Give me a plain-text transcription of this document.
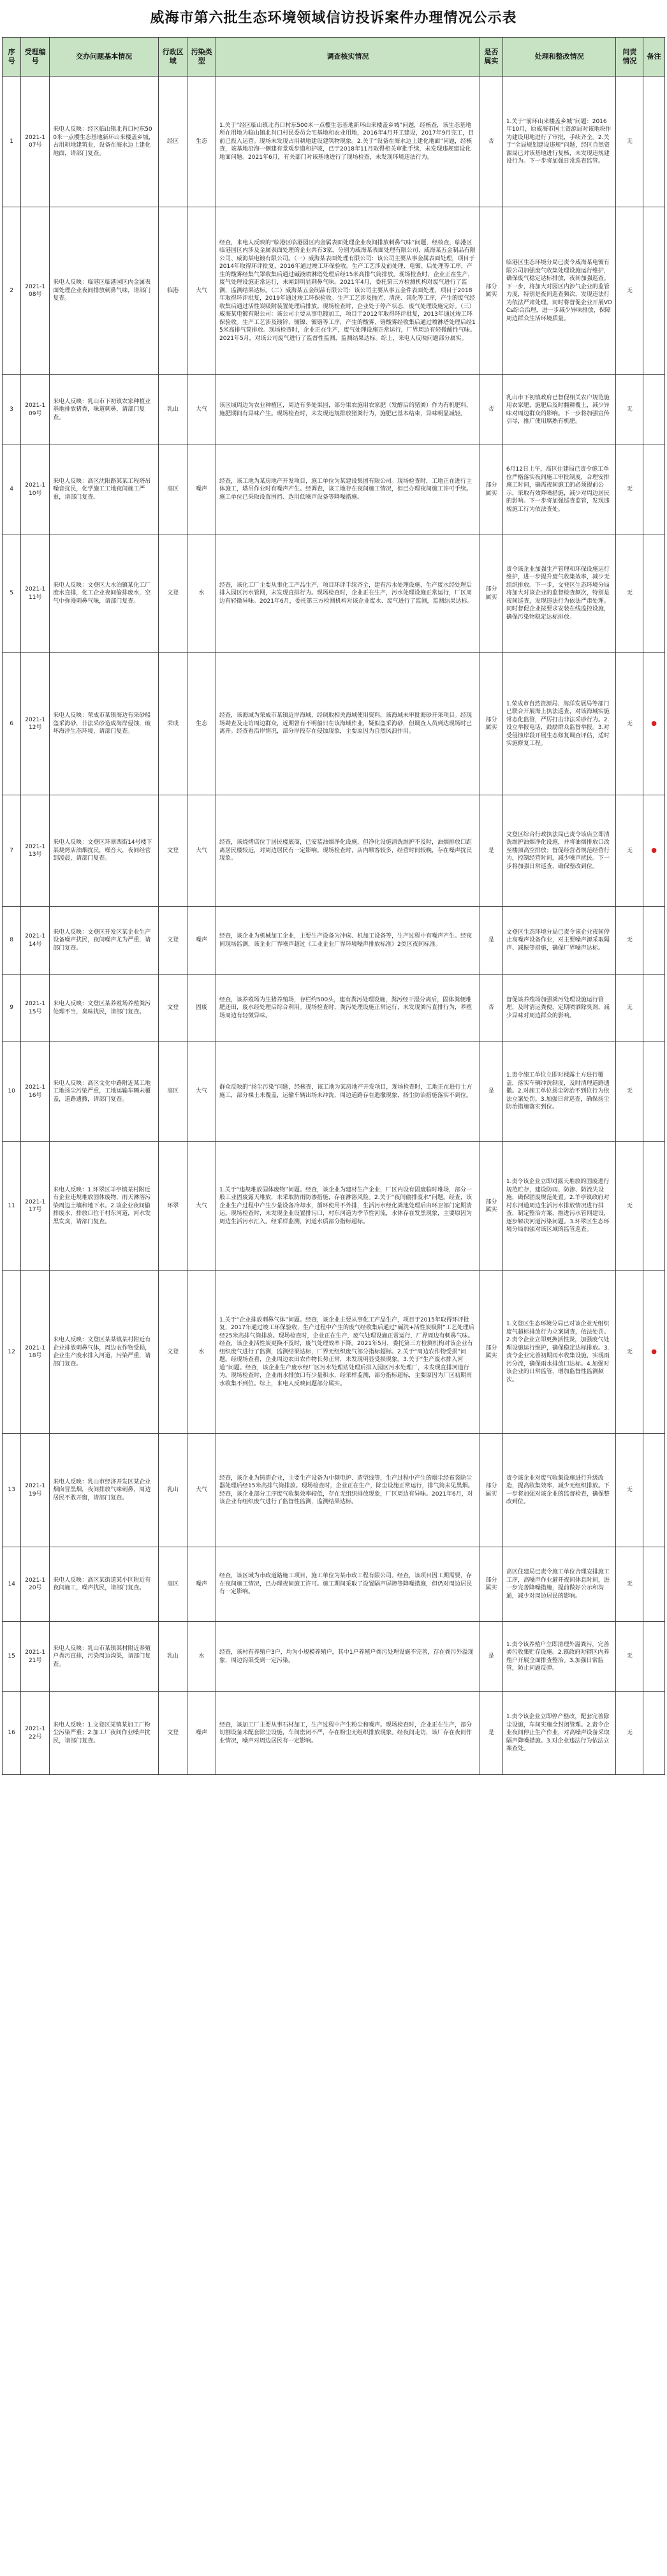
威海市第六批生态环境领域信访投诉案件办理情况公示表
序号	受理编号	交办问题基本情况	行政区域	污染类型	调查核实情况	是否属实	处理和整改情况	问责情况	备注
1	2021-107号	来电人反映：经区临山镇北肖口村东500米一点樱生态基地新环山来楼盖乡城，占用耕地建筑业，设备在海水边上建化地面，请部门复查。	经区	生态	1.关于“经区临山镇北肖口村东500米一点樱生态基地新环山来楼盖乡城”问题，经核查，该生态基地所在用地为临山镇北肖口村民委员会宅基地和农业用地，2016年4月开工建设，2017年9月完工，目前已投入运营。现场未发现占用耕地建设建筑物现象。2.关于“设备在海水边上建化地面”问题，经核查，该基地沿海一侧建有景观步道和护坡，已于2018年11月取得相关审批手续，未发现违规建设化地面问题。2021年6月，有关部门对该基地进行了现场检查，未发现环境违法行为。	否	1.关于“前环山来楼盖乡城”问题：2016年10月，原威海市国土资源局对该地块作为建设用地进行了审批，手续齐全。2.关于“全局规划建设违规”问题，经区自然资源局已对该基地进行复核，未发现违规建设行为。下一步将加强日常巡查监管。	无	
2	2021-108号	来电人反映：临港区临港园区内金属表面处理企业夜间排放刺鼻气味，请部门复查。	临港	大气	经查，来电人反映的“临港区临港园区内金属表面处理企业夜间排放刺鼻气味”问题，经核查，临港区临港园区内涉及金属表面处理的企业共有3家，分别为威海某表面处理有限公司、威海某五金制品有限公司、威海某电镀有限公司。（一）威海某表面处理有限公司：该公司主要从事金属表面处理，项目于2014年取得环评批复，2016年通过竣工环保验收。生产工艺涉及前处理、电镀、后处理等工序，产生的酸雾经集气罩收集后通过碱液喷淋塔处理后经15米高排气筒排放。现场检查时，企业正在生产，废气处理设施正常运行，未闻到明显刺鼻气味。2021年4月，委托第三方检测机构对废气进行了监测，监测结果达标。（二）威海某五金制品有限公司：该公司主要从事五金件表面处理，项目于2018年取得环评批复，2019年通过竣工环保验收。生产工艺涉及抛光、清洗、钝化等工序，产生的废气经收集后通过活性炭吸附装置处理后排放。现场检查时，企业处于停产状态，废气处理设施完好。（三）威海某电镀有限公司：该公司主要从事电镀加工，项目于2012年取得环评批复，2013年通过竣工环保验收。生产工艺涉及镀锌、镀镍、镀铬等工序，产生的酸雾、铬酸雾经收集后通过喷淋塔处理后经15米高排气筒排放。现场检查时，企业正在生产，废气处理设施正常运行，厂界周边有轻微酸性气味。2021年5月，对该公司废气进行了监督性监测，监测结果达标。综上，来电人反映问题部分属实。	部分属实	临港区生态环境分局已责令威海某电镀有限公司加强废气收集处理设施运行维护，确保废气稳定达标排放，夜间加强巡查。下一步，将加大对园区内涉气企业的监管力度，特别是夜间巡查频次，发现违法行为依法严肃处理。同时将督促企业开展VOCs综合治理，进一步减少异味排放，保障周边群众生活环境质量。	无	
3	2021-109号	来电人反映：乳山市下初镇农家种植业基地排放猪粪，味道刺鼻，请部门复查。	乳山	大气	该区域周边为农业种植区，周边有多处果园，部分果农施用农家肥（发酵后的猪粪）作为有机肥料，施肥期间有异味产生。现场检查时，未发现违规排放猪粪行为，施肥已基本结束，异味明显减轻。	否	乳山市下初镇政府已督促相关农户规范施用农家肥，施肥后及时翻耕覆土，减少异味对周边群众的影响。下一步将加强宣传引导，推广使用腐熟有机肥。	无	
4	2021-110号	来电人反映：高区沈阳路某某工程塔吊噪音扰民，化学施工工地夜间施工严重，请部门复查。	高区	噪声	经查，该工地为某房地产开发项目，施工单位为某建设集团有限公司。现场检查时，工地正在进行主体施工，塔吊作业时有噪声产生。经调查，该工地存在夜间施工情况，但已办理夜间施工许可手续。施工单位已采取设置围挡、选用低噪声设备等降噪措施。	部分属实	6月12日上午，高区住建局已责令施工单位严格落实夜间施工审批制度，合理安排施工时间，确需夜间施工的必须提前公示，采取有效降噪措施，减少对周边居民的影响。下一步将加强巡查监管，发现违规施工行为依法查处。	无	
5	2021-111号	来电人反映：文登区大水泊镇某化工厂废水直排，化工企业夜间偷排废水，空气中弥漫刺鼻气味，请部门复查。	文登	水	经查，该化工厂主要从事化工产品生产，项目环评手续齐全，建有污水处理设施，生产废水经处理后排入园区污水管网，未发现直排行为。现场检查时，企业正在生产，污水处理设施正常运行，厂区周边有轻微异味。2021年6月，委托第三方检测机构对该企业废水、废气进行了监测，监测结果达标。	部分属实	责令该企业加强生产管理和环保设施运行维护，进一步提升废气收集效率，减少无组织排放。下一步，文登区生态环境分局将加大对该企业的监督检查频次，特别是夜间巡查，发现违法行为依法严肃处理。同时督促企业按要求安装在线监控设施，确保污染物稳定达标排放。	无	
6	2021-112号	来电人反映：荣成市某镇海边有采砂船盗采海砂，非法采砂造成海岸侵蚀，破坏海洋生态环境，请部门复查。	荣成	生态	经查，该海域为荣成市某镇近岸海域，经调取相关海域使用资料，该海域未审批海砂开采项目。经现场勘查及走访周边群众，近期曾有不明船只在该海域作业，疑似盗采海砂，但调查人员到达现场时已离开。经查看沿岸情况，部分岸段存在侵蚀现象，主要原因为自然风浪作用。	部分属实	1.荣成市自然资源局、海洋发展局等部门已联合开展海上执法巡查，对该海域实施常态化监管，严厉打击非法采砂行为。2.设立举报电话，鼓励群众监督举报。3.对受侵蚀岸段开展生态修复调查评估，适时实施修复工程。	无	●
7	2021-113号	来电人反映：文登区环翠西街14号楼下某烧烤店油烟扰民，噪音大，夜间经营到凌晨，请部门复查。	文登	大气	经查，该烧烤店位于居民楼底商，已安装油烟净化设施，但净化设施清洗维护不及时，油烟排放口距离居民楼较近，对周边居民有一定影响。现场检查时，店内顾客较多，经营时间较晚，存在噪声扰民现象。	是	文登区综合行政执法局已责令该店立即清洗维护油烟净化设施，并将油烟排放口改至楼顶高空排放；督促经营者规范经营行为，控制经营时间，减少噪声扰民。下一步将加强日常巡查，确保整改到位。	无	●
8	2021-114号	来电人反映：文登区开发区某企业生产设备噪声扰民，夜间噪声尤为严重，请部门复查。	文登	噪声	经查，该企业为机械加工企业，主要生产设备为冲床、机加工设备等，生产过程中有噪声产生。经夜间现场监测，该企业厂界噪声超过《工业企业厂界环境噪声排放标准》2类区夜间标准。	是	文登区生态环境分局已责令该企业夜间停止高噪声设备作业，对主要噪声源采取隔声、减振等措施，确保厂界噪声达标。	无	
9	2021-115号	来电人反映：文登区某养殖场养殖粪污处理不当，臭味扰民，请部门复查。	文登	固废	经查，该养殖场为生猪养殖场，存栏约500头，建有粪污处理设施，粪污经干湿分离后，固体粪便堆肥还田，废水经处理后综合利用。现场检查时，粪污处理设施正常运行，未发现粪污直排行为，养殖场周边有轻微异味。	否	督促该养殖场加强粪污处理设施运行管理，及时清运粪便，定期喷洒除臭剂，减少异味对周边群众的影响。	无	
10	2021-116号	来电人反映：高区文化中路附近某工地工地扬尘污染严重，工地运输车辆未覆盖，道路遗撒，请部门复查。	高区	大气	群众反映的“扬尘污染”问题，经核查，该工地为某房地产开发项目，现场检查时，工地正在进行土方施工，部分裸土未覆盖，运输车辆出场未冲洗，周边道路存在遗撒现象，扬尘防治措施落实不到位。	是	1.责令施工单位立即对裸露土方进行覆盖，落实车辆冲洗制度，及时清理道路遗撒。2.对施工单位扬尘防治不到位行为依法立案处罚。3.加强日常巡查，确保扬尘防治措施落实到位。	无	
11	2021-117号	来电人反映：1.环翠区羊亭镇某村附近有企业违规堆放固体废物，雨天淋溶污染周边土壤和地下水。2.该企业夜间偷排废水，排放口位于村东河道，河水发黑发臭，请部门复查。	环翠	大气	1.关于“违规堆放固体废物”问题。经查，该企业为建材生产企业，厂区内设有固废临时堆场，部分一般工业固废露天堆放，未采取防雨防渗措施，存在淋溶风险。2.关于“夜间偷排废水”问题。经查，该企业生产过程中产生少量设备冷却水，循环使用不外排，生活污水经化粪池处理后由环卫部门定期清运。现场检查时，未发现企业设置排污口，村东河道为季节性河流，水体存在发黑现象，主要原因为周边生活污水汇入。经采样监测，河道水质部分指标超标。	部分属实	1.责令该企业立即对露天堆放的固废进行规范贮存，建设防雨、防渗、防流失设施，确保固废规范处置。2.羊亭镇政府对村东河道周边生活污水排放情况进行排查，制定整治方案，推进污水管网建设，逐步解决河道污染问题。3.环翠区生态环境分局加强对该区域的监管巡查。	无	
12	2021-118号	来电人反映：文登区某某镇某村附近有企业排放刺鼻气体，周边农作物受损，企业生产废水排入河道，污染严重，请部门复查。	文登	水	1.关于“企业排放刺鼻气体”问题。经查，该企业主要从事化工产品生产，项目于2015年取得环评批复，2017年通过竣工环保验收，生产过程中产生的废气经收集后通过“碱洗+活性炭吸附”工艺处理后经25米高排气筒排放。现场检查时，企业正在生产，废气处理设施正常运行，厂界周边有刺鼻气味。经查，该企业活性炭更换不及时，废气处理效率下降。2021年5月，委托第三方检测机构对该企业有组织废气进行了监测，监测结果达标，厂界无组织废气部分指标超标。2.关于“周边农作物受损”问题。经现场查看，企业周边农田农作物长势正常，未发现明显受损现象。3.关于“生产废水排入河道”问题。经查，该企业生产废水经厂区污水处理站处理后排入园区污水处理厂，未发现直排河道行为。现场检查时，企业雨水排放口有少量积水，经采样监测，部分指标超标，主要原因为厂区初期雨水收集不到位。综上，来电人反映问题部分属实。	部分属实	1.文登区生态环境分局已对该企业无组织废气超标排放行为立案调查，依法处罚。2.责令企业立即更换活性炭，加强废气处理设施运行维护，确保稳定达标排放。3.责令企业完善初期雨水收集设施，实现雨污分流，确保雨水排放口达标。4.加强对该企业的日常监管，增加监督性监测频次。	无	●
13	2021-119号	来电人反映：乳山市经济开发区某企业烟囱冒黑烟，夜间排放气味刺鼻，周边居民不敢开窗，请部门复查。	乳山	大气	经查，该企业为铸造企业，主要生产设备为中频电炉、造型线等，生产过程中产生的烟尘经布袋除尘器处理后经15米高排气筒排放。现场检查时，企业正在生产，除尘设施正常运行，排气筒未见黑烟。经查，该企业部分工序废气收集效率较低，存在无组织排放现象，厂区周边有异味。2021年6月，对该企业有组织废气进行了监督性监测，监测结果达标。	部分属实	责令该企业对废气收集设施进行升级改造，提高收集效率，减少无组织排放。下一步将加强对该企业的监督检查，确保整改到位。	无	
14	2021-120号	来电人反映：高区某街道某小区附近有夜间施工，噪声扰民，请部门复查。	高区	噪声	经查，该区域为市政道路施工项目，施工单位为某市政工程有限公司。经查，该项目因工期需要，存在夜间施工情况，已办理夜间施工许可。施工期间采取了设置隔声屏障等降噪措施，但仍对周边居民有一定影响。	部分属实	高区住建局已责令施工单位合理安排施工工序，高噪声作业避开夜间休息时间，进一步完善降噪措施，提前做好公示和沟通，减少对周边居民的影响。	无	
15	2021-121号	来电人反映：乳山市某镇某村附近养殖户粪污直排，污染周边沟渠，请部门复查。	乳山	水	经查，该村有养殖户3户，均为小规模养殖户，其中1户养殖户粪污处理设施不完善，存在粪污外溢现象，周边沟渠受到一定污染。	是	1.责令该养殖户立即清理外溢粪污，完善粪污收集贮存设施。2.镇政府对辖区内养殖户开展全面排查整治。3.加强日常监管，防止问题反弹。	无	
16	2021-122号	来电人反映：1.文登区某镇某加工厂粉尘污染严重；2.加工厂夜间作业噪声扰民，请部门复查。	文登	噪声	经查，该加工厂主要从事石材加工，生产过程中产生粉尘和噪声。现场检查时，企业正在生产，部分切割设备未配套除尘设施，车间密闭不严，存在粉尘无组织排放现象。经夜间走访，该厂存在夜间作业情况，噪声对周边居民有一定影响。	是	1.责令该企业立即停产整改，配套完善除尘设施，车间实施全封闭管理。2.责令企业夜间停止生产作业，对高噪声设备采取隔声降噪措施。3.对企业违法行为依法立案查处。	无	
